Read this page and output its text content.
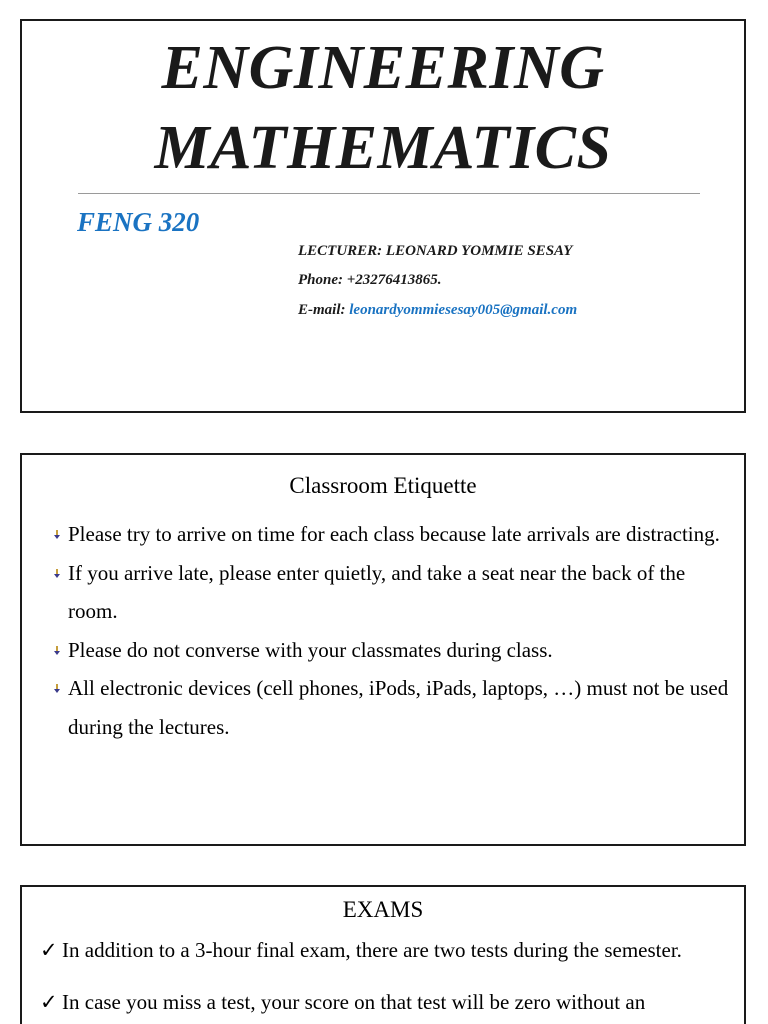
ENGINEERING
MATHEMATICS
FENG 320
LECTURER: LEONARD YOMMIE SESAY
Phone: +23276413865.
E-mail: leonardyommiesesay005@gmail.com
Classroom Etiquette
Please try to arrive on time for each class because late arrivals are distracting.
If you arrive late, please enter quietly, and take a seat near the back of the room.
Please do not converse with your classmates during class.
All electronic devices (cell phones, iPods, iPads, laptops, …) must not be used during the lectures.
EXAMS
✓ In addition to a 3-hour final exam, there are two tests during the semester.
✓ In case you miss a test, your score on that test will be zero without an
